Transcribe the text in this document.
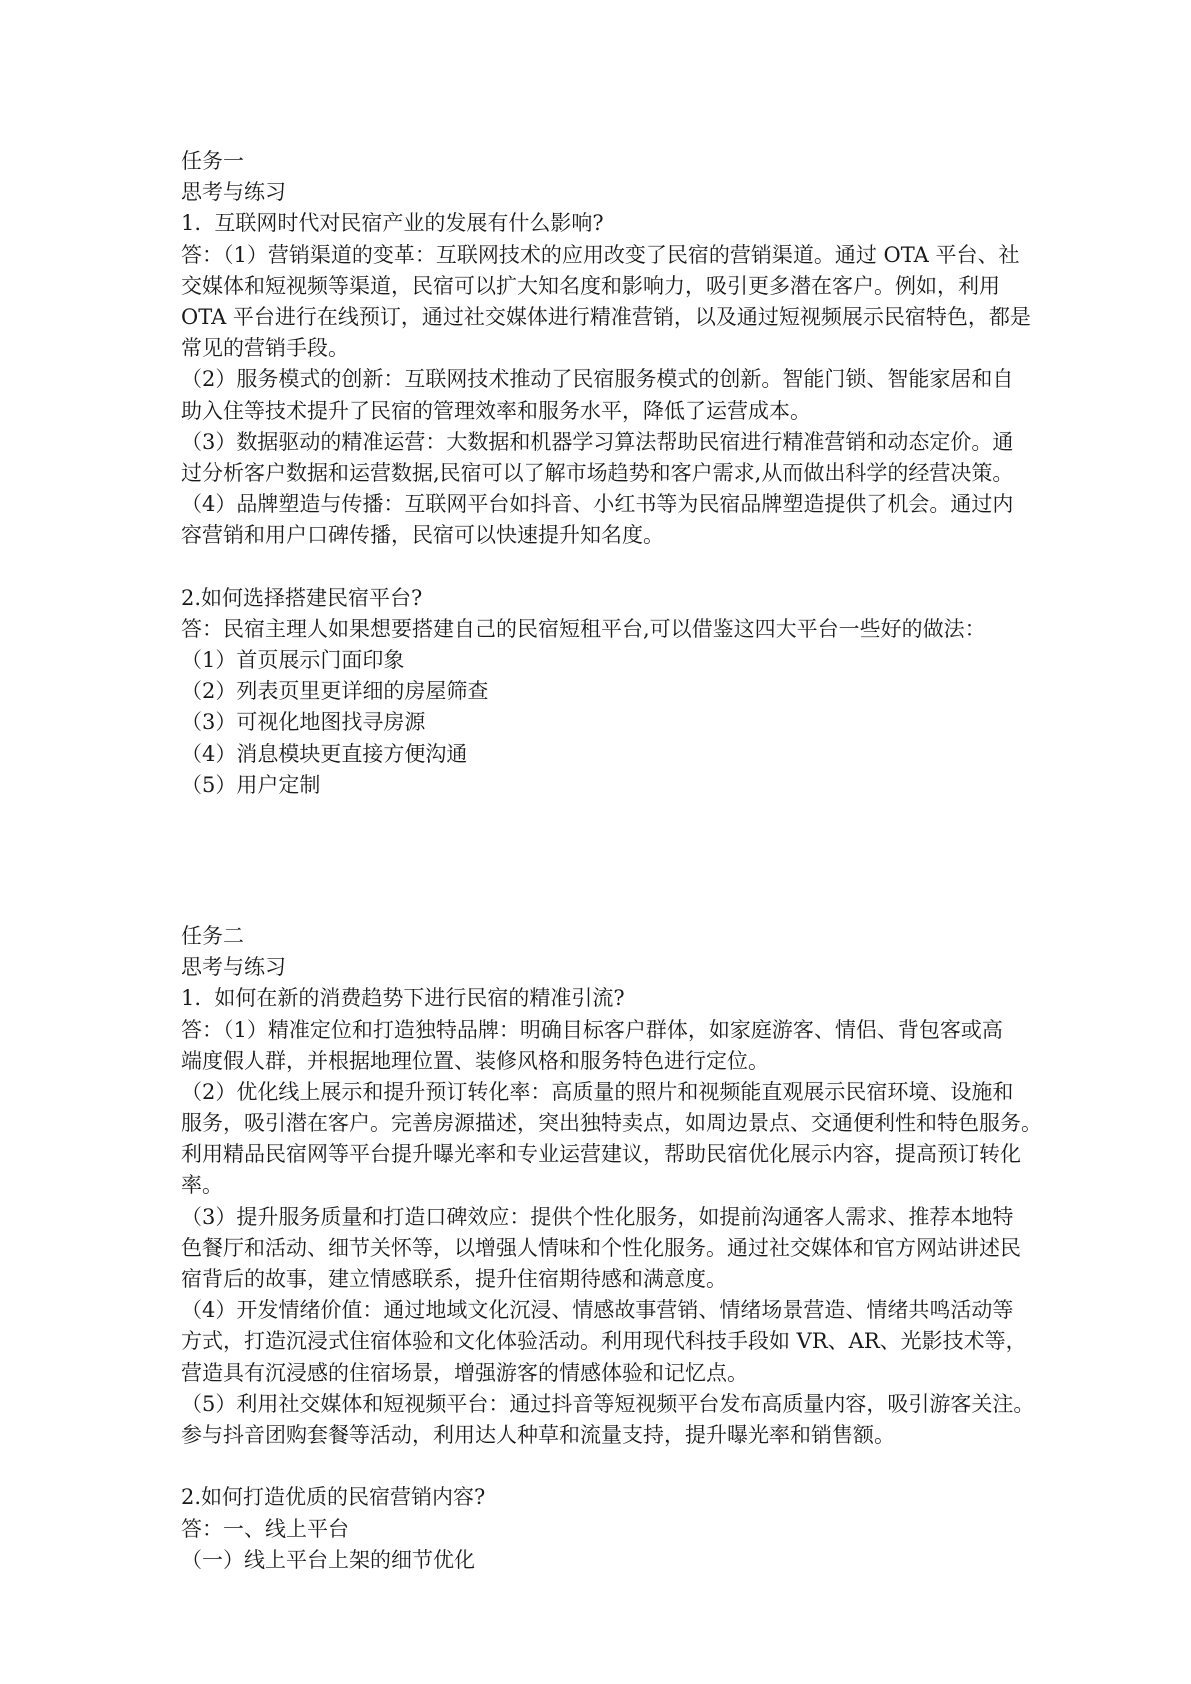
任务一

思考与练习

1.  互联网时代对民宿产业的发展有什么影响?

答：（1）营销渠道的变革：互联网技术的应用改变了民宿的营销渠道。通过 OTA 平台、社

交媒体和短视频等渠道，民宿可以扩大知名度和影响力，吸引更多潜在客户。例如，利用

OTA 平台进行在线预订，通过社交媒体进行精准营销，以及通过短视频展示民宿特色，都是

常见的营销手段。

（2）服务模式的创新：互联网技术推动了民宿服务模式的创新。智能门锁、智能家居和自

助入住等技术提升了民宿的管理效率和服务水平，降低了运营成本。

（3）数据驱动的精准运营：大数据和机器学习算法帮助民宿进行精准营销和动态定价。通

过分析客户数据和运营数据,民宿可以了解市场趋势和客户需求,从而做出科学的经营决策。

（4）品牌塑造与传播：互联网平台如抖音、小红书等为民宿品牌塑造提供了机会。通过内

容营销和用户口碑传播，民宿可以快速提升知名度。

2.如何选择搭建民宿平台?

答：民宿主理人如果想要搭建自己的民宿短租平台,可以借鉴这四大平台一些好的做法：

（1）首页展示门面印象

（2）列表页里更详细的房屋筛查

（3）可视化地图找寻房源

（4）消息模块更直接方便沟通

（5）用户定制

任务二

思考与练习

1.  如何在新的消费趋势下进行民宿的精准引流?

答：（1）精准定位和打造独特品牌：明确目标客户群体，如家庭游客、情侣、背包客或高

端度假人群，并根据地理位置、装修风格和服务特色进行定位。

（2）优化线上展示和提升预订转化率：高质量的照片和视频能直观展示民宿环境、设施和

服务，吸引潜在客户。完善房源描述，突出独特卖点，如周边景点、交通便利性和特色服务。

利用精品民宿网等平台提升曝光率和专业运营建议，帮助民宿优化展示内容，提高预订转化

率。

（3）提升服务质量和打造口碑效应：提供个性化服务，如提前沟通客人需求、推荐本地特

色餐厅和活动、细节关怀等，以增强人情味和个性化服务。通过社交媒体和官方网站讲述民

宿背后的故事，建立情感联系，提升住宿期待感和满意度。

（4）开发情绪价值：通过地域文化沉浸、情感故事营销、情绪场景营造、情绪共鸣活动等

方式，打造沉浸式住宿体验和文化体验活动。利用现代科技手段如 VR、AR、光影技术等，

营造具有沉浸感的住宿场景，增强游客的情感体验和记忆点。

（5）利用社交媒体和短视频平台：通过抖音等短视频平台发布高质量内容，吸引游客关注。

参与抖音团购套餐等活动，利用达人种草和流量支持，提升曝光率和销售额。

2.如何打造优质的民宿营销内容?

答：一、线上平台

（一）线上平台上架的细节优化
